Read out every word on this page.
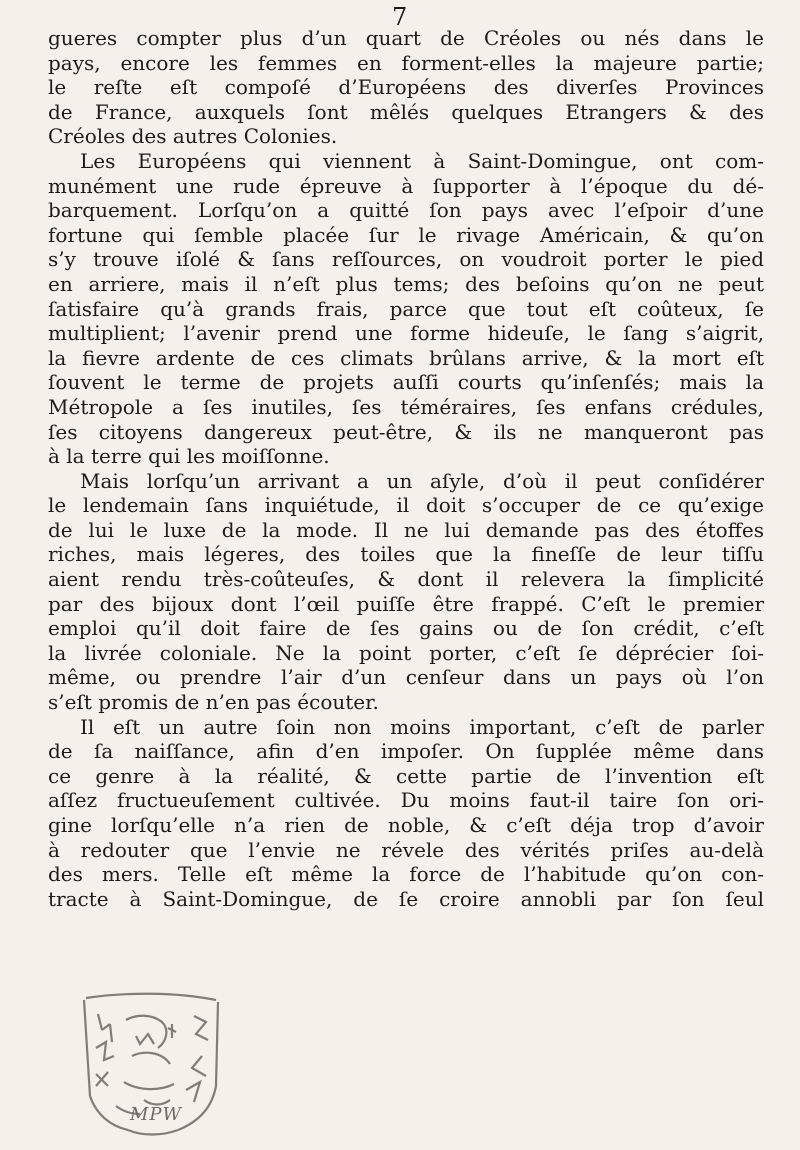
7
gueres compter plus d’un quart de Créoles ou nés dans le
pays, encore les femmes en forment-elles la majeure partie;
le reſte eſt compoſé d’Européens des diverſes Provinces
de France, auxquels ſont mêlés quelques Etrangers & des
Créoles des autres Colonies.
Les Européens qui viennent à Saint-Domingue, ont com-
munément une rude épreuve à ſupporter à l’époque du dé-
barquement. Lorſqu’on a quitté ſon pays avec l’eſpoir d’une
fortune qui ſemble placée ſur le rivage Américain, & qu’on
s’y trouve iſolé & ſans reſſources, on voudroit porter le pied
en arriere, mais il n’eſt plus tems; des beſoins qu’on ne peut
ſatisfaire qu’à grands frais, parce que tout eſt coûteux, ſe
multiplient; l’avenir prend une forme hideuſe, le ſang s’aigrit,
la fievre ardente de ces climats brûlans arrive, & la mort eſt
ſouvent le terme de projets auſſi courts qu’inſenſés; mais la
Métropole a ſes inutiles, ſes téméraires, ſes enfans crédules,
ſes citoyens dangereux peut-être, & ils ne manqueront pas
à la terre qui les moiſſonne.
Mais lorſqu’un arrivant a un aſyle, d’où il peut conſidérer
le lendemain ſans inquiétude, il doit s’occuper de ce qu’exige
de lui le luxe de la mode. Il ne lui demande pas des étoffes
riches, mais légeres, des toiles que la fineſſe de leur tiſſu
aient rendu très-coûteuſes, & dont il relevera la ſimplicité
par des bijoux dont l’œil puiſſe être frappé. C’eſt le premier
emploi qu’il doit faire de ſes gains ou de ſon crédit, c’eſt
la livrée coloniale. Ne la point porter, c’eſt ſe déprécier ſoi-
même, ou prendre l’air d’un cenſeur dans un pays où l’on
s’eſt promis de n’en pas écouter.
Il eſt un autre ſoin non moins important, c’eſt de parler
de ſa naiſſance, afin d’en impoſer. On ſupplée même dans
ce genre à la réalité, & cette partie de l’invention eſt
aſſez fructueuſement cultivée. Du moins faut-il taire ſon ori-
gine lorſqu’elle n’a rien de noble, & c’eſt déja trop d’avoir
à redouter que l’envie ne révele des vérités priſes au-delà
des mers. Telle eſt même la force de l’habitude qu’on con-
tracte à Saint-Domingue, de ſe croire annobli par ſon ſeul
MPW
